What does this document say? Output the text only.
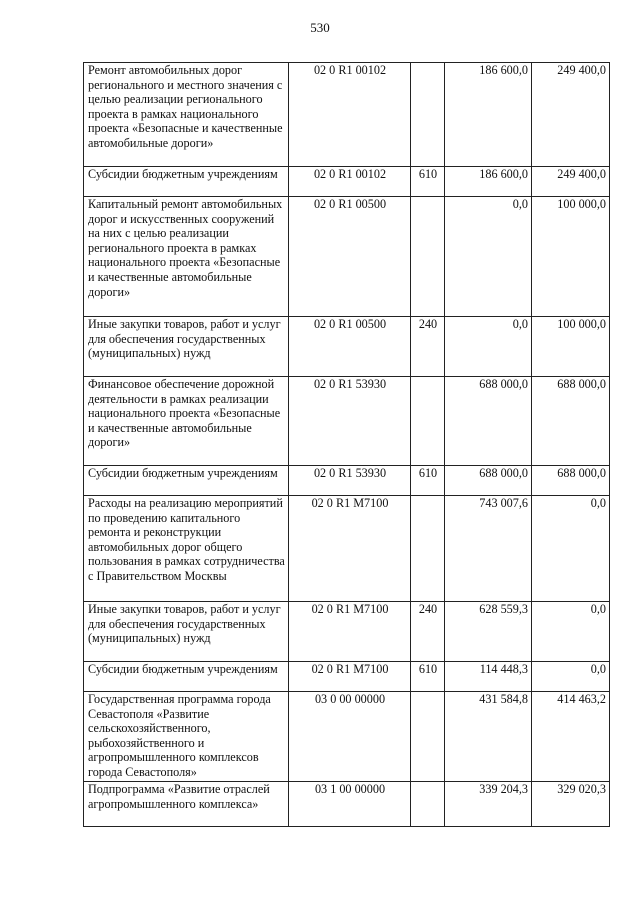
530
Ремонт автомобильных дорог регионального и местного значения с целью реализации регионального проекта в рамках национального проекта «Безопасные и качественные автомобильные дороги»	02 0 R1 00102		186 600,0	249 400,0
Субсидии бюджетным учреждениям	02 0 R1 00102	610	186 600,0	249 400,0
Капитальный ремонт автомобильных дорог и искусственных сооружений на них с целью реализации регионального проекта в рамках национального проекта «Безопасные и качественные автомобильные дороги»	02 0 R1 00500		0,0	100 000,0
Иные закупки товаров, работ и услуг для обеспечения государственных (муниципальных) нужд	02 0 R1 00500	240	0,0	100 000,0
Финансовое обеспечение дорожной деятельности в рамках реализации национального проекта «Безопасные и качественные автомобильные дороги»	02 0 R1 53930		688 000,0	688 000,0
Субсидии бюджетным учреждениям	02 0 R1 53930	610	688 000,0	688 000,0
Расходы на реализацию мероприятий по проведению капитального ремонта и реконструкции автомобильных дорог общего пользования в рамках сотрудничества с Правительством Москвы	02 0 R1 M7100		743 007,6	0,0
Иные закупки товаров, работ и услуг для обеспечения государственных (муниципальных) нужд	02 0 R1 M7100	240	628 559,3	0,0
Субсидии бюджетным учреждениям	02 0 R1 M7100	610	114 448,3	0,0
Государственная программа города Севастополя «Развитие сельскохозяйственного, рыбохозяйственного и агропромышленного комплексов города Севастополя»	03 0 00 00000		431 584,8	414 463,2
Подпрограмма «Развитие отраслей агропромышленного комплекса»	03 1 00 00000		339 204,3	329 020,3
